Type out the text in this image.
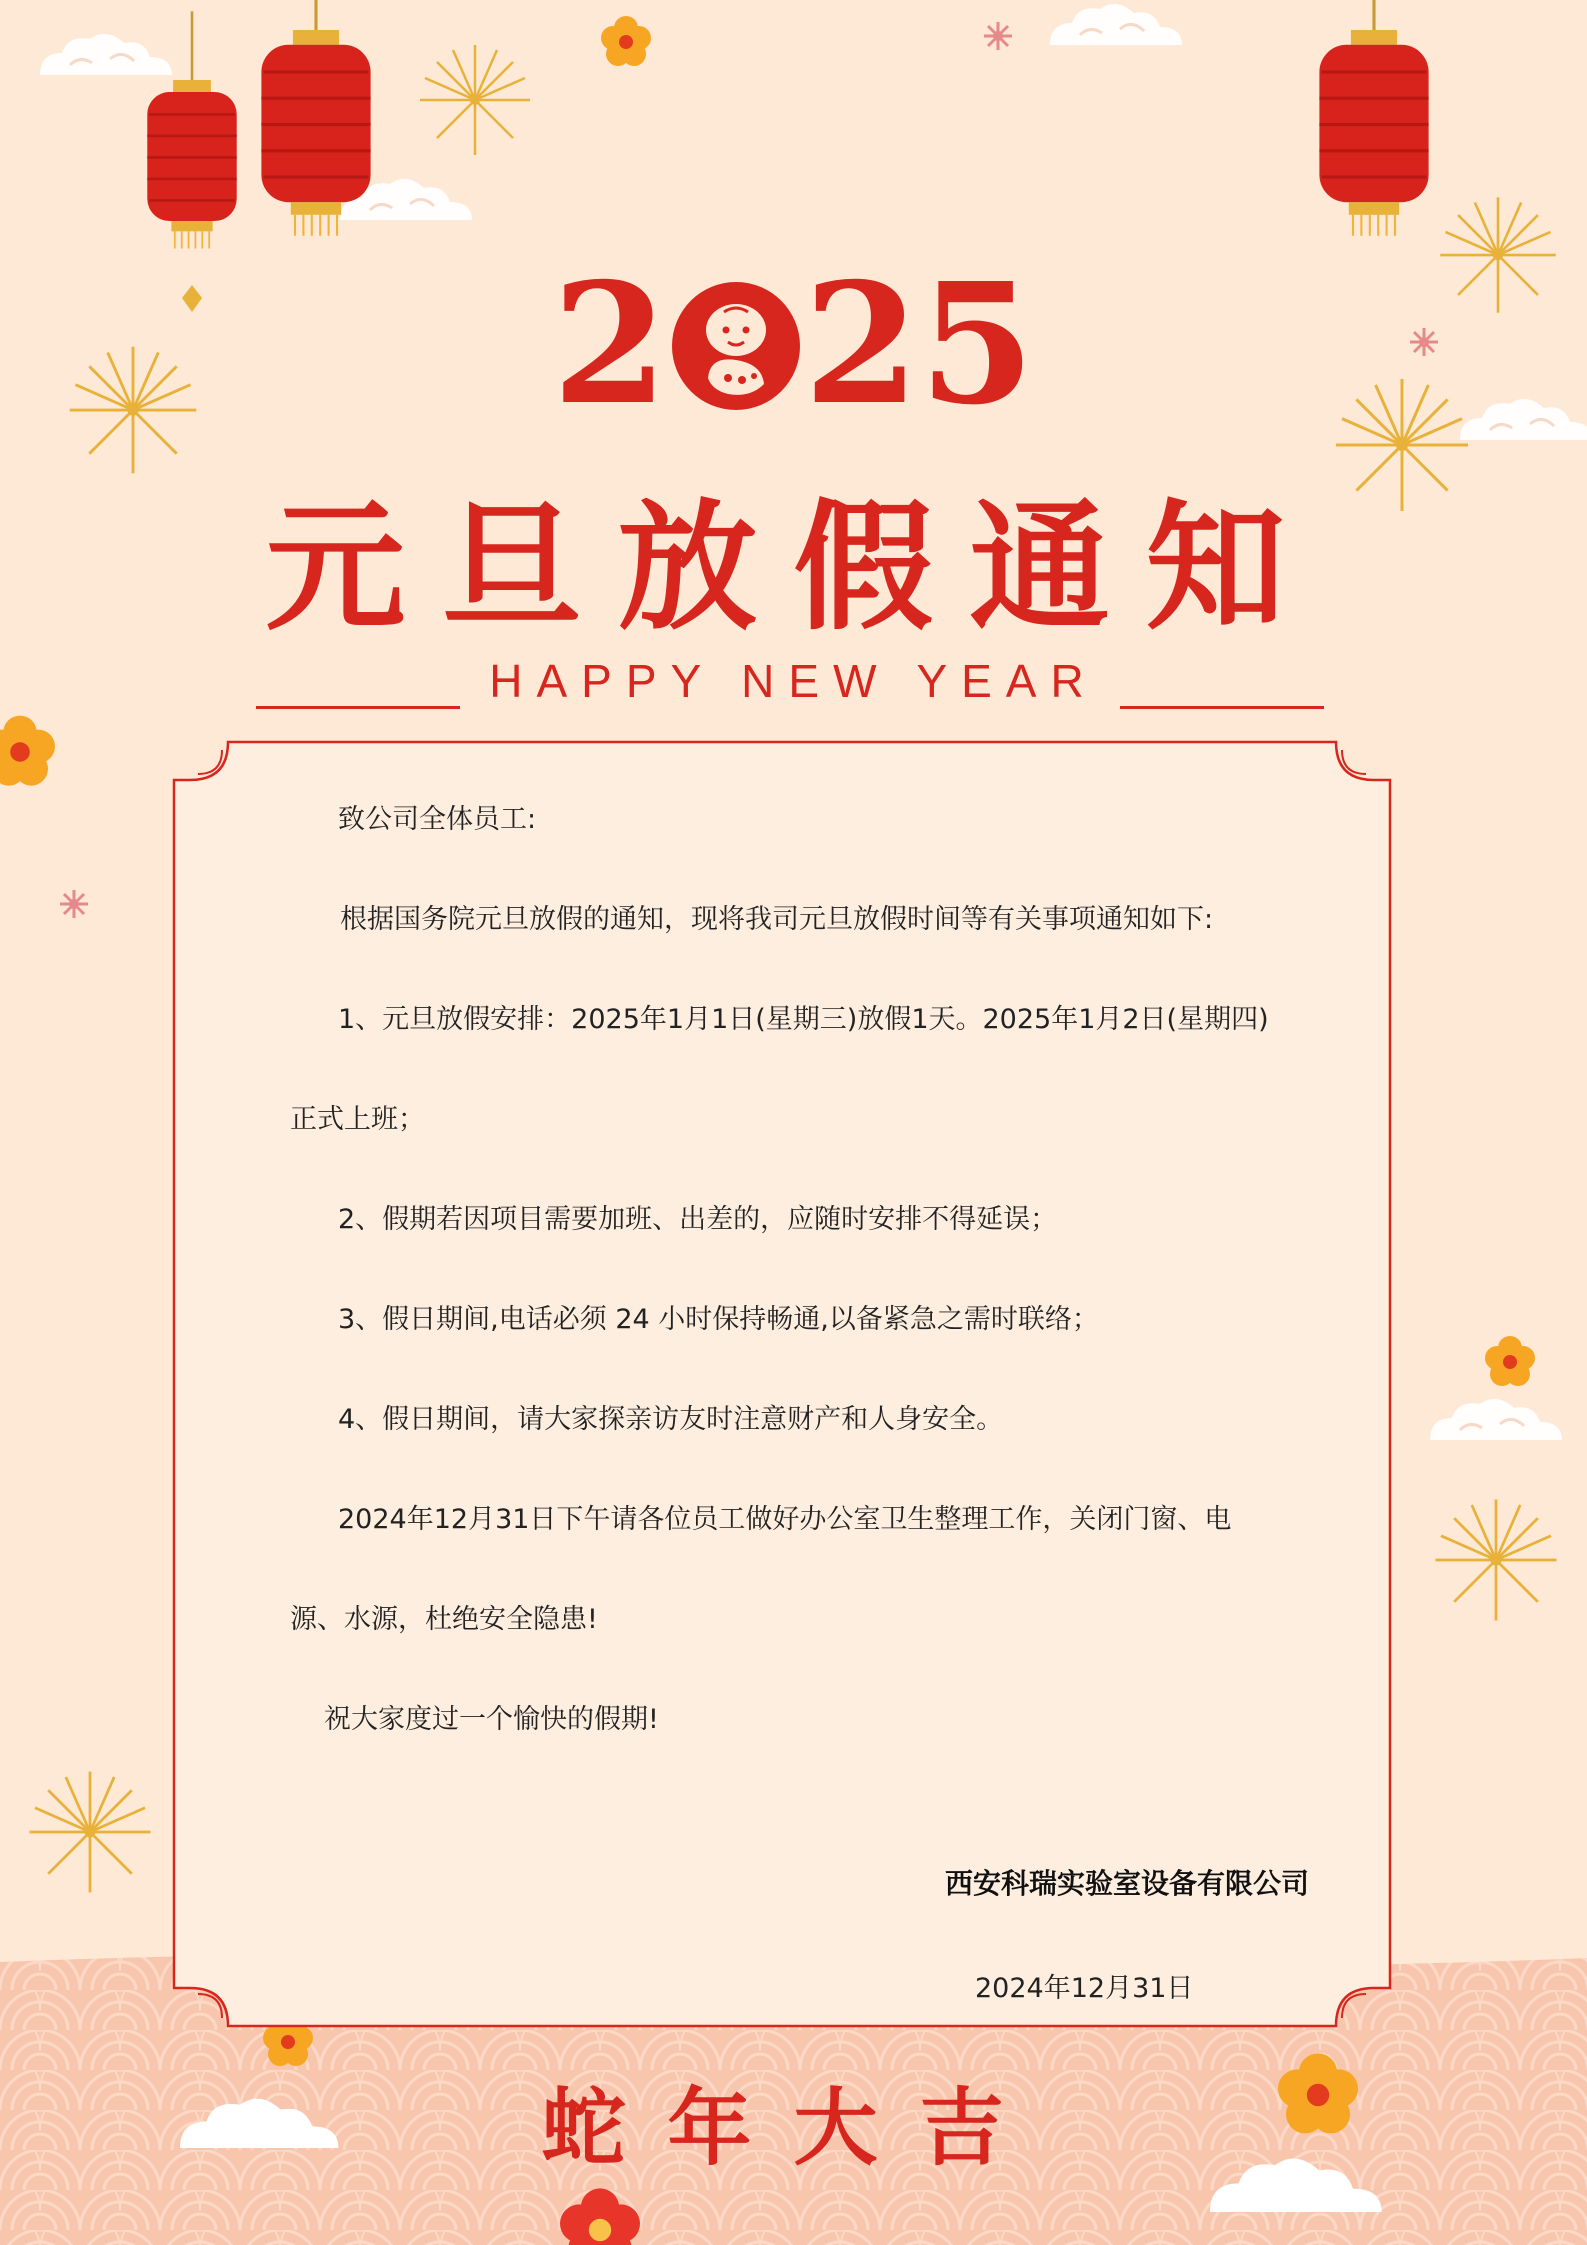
2 25
元旦放假通知
HAPPY NEW YEAR
致公司全体员工:
根据国务院元旦放假的通知，现将我司元旦放假时间等有关事项通知如下:
1、元旦放假安排：2025年1月1日(星期三)放假1天。2025年1月2日(星期四)
正式上班；
2、假期若因项目需要加班、出差的，应随时安排不得延误；
3、假日期间,电话必须 24 小时保持畅通,以备紧急之需时联络；
4、假日期间，请大家探亲访友时注意财产和人身安全。
2024年12月31日下午请各位员工做好办公室卫生整理工作，关闭门窗、电
源、水源，杜绝安全隐患!
祝大家度过一个愉快的假期!
西安科瑞实验室设备有限公司
2024年12月31日
蛇年大吉
